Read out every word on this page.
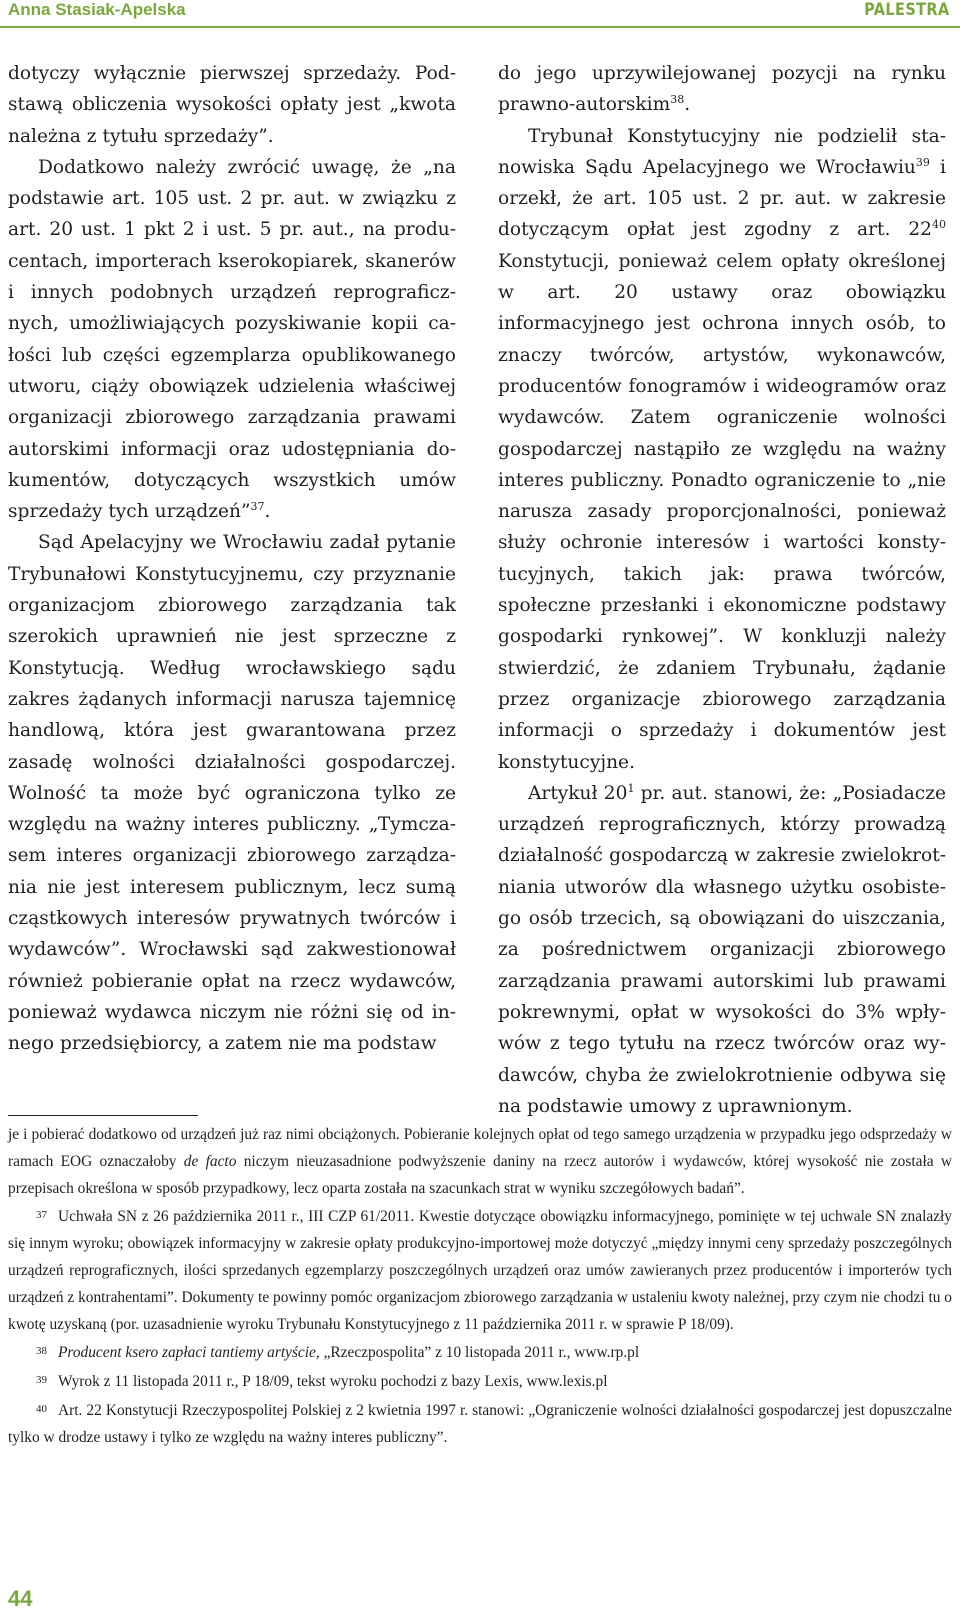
Anna Stasiak-Apelska	PALESTRA

dotyczy wyłącznie pierwszej sprzedaży. Podstawą obliczenia wysokości opłaty jest „kwota należna z tytułu sprzedaży”.

Dodatkowo należy zwrócić uwagę, że „na podstawie art. 105 ust. 2 pr. aut. w związku z art. 20 ust. 1 pkt 2 i ust. 5 pr. aut., na producentach, importerach kserokopiarek, skanerów i innych podobnych urządzeń reprograficznych, umożliwiających pozyskiwanie kopii całości lub części egzemplarza opublikowanego utworu, ciąży obowiązek udzielenia właściwej organizacji zbiorowego zarządzania prawami autorskimi informacji oraz udostępniania dokumentów, dotyczących wszystkich umów sprzedaży tych urządzeń”$^{37}$.

Sąd Apelacyjny we Wrocławiu zadał pytanie Trybunałowi Konstytucyjnemu, czy przyznanie organizacjom zbiorowego zarządzania tak szerokich uprawnień nie jest sprzeczne z Konstytucją. Według wrocławskiego sądu zakres żądanych informacji narusza tajemnicę handlową, która jest gwarantowana przez zasadę wolności działalności gospodarczej. Wolność ta może być ograniczona tylko ze względu na ważny interes publiczny. „Tymczasem interes organizacji zbiorowego zarządzania nie jest interesem publicznym, lecz sumą cząstkowych interesów prywatnych twórców i wydawców”. Wrocławski sąd zakwestionował również pobieranie opłat na rzecz wydawców, ponieważ wydawca niczym nie różni się od innego przedsiębiorcy, a zatem nie ma podstaw

do jego uprzywilejowanej pozycji na rynku prawno-autorskim$^{38}$.

Trybunał Konstytucyjny nie podzielił stanowiska Sądu Apelacyjnego we Wrocławiu$^{39}$ i orzekł, że art. 105 ust. 2 pr. aut. w zakresie dotyczącym opłat jest zgodny z art. $22^{40}$ Konstytucji, ponieważ celem opłaty określonej w art. 20 ustawy oraz obowiązku informacyjnego jest ochrona innych osób, to znaczy twórców, artystów, wykonawców, producentów fonogramów i wideogramów oraz wydawców. Zatem ograniczenie wolności gospodarczej nastąpiło ze względu na ważny interes publiczny. Ponadto ograniczenie to „nie narusza zasady proporcjonalności, ponieważ służy ochronie interesów i wartości konstytucyjnych, takich jak: prawa twórców, społeczne przesłanki i ekonomiczne podstawy gospodarki rynkowej”. W konkluzji należy stwierdzić, że zdaniem Trybunału, żądanie przez organizacje zbiorowego zarządzania informacji o sprzedaży i dokumentów jest konstytucyjne.

Artykuł $20^1$ pr. aut. stanowi, że: „Posiadacze urządzeń reprograficznych, którzy prowadzą działalność gospodarczą w zakresie zwielokrotniania utworów dla własnego użytku osobistego osób trzecich, są obowiązani do uiszczania, za pośrednictwem organizacji zbiorowego zarządzania prawami autorskimi lub prawami pokrewnymi, opłat w wysokości do 3% wpływów z tego tytułu na rzecz twórców oraz wydawców, chyba że zwielokrotnienie odbywa się na podstawie umowy z uprawnionym.

je i pobierać dodatkowo od urządzeń już raz nimi obciążonych. Pobieranie kolejnych opłat od tego samego urządzenia w przypadku jego odsprzedaży w ramach EOG oznaczałoby de facto niczym nieuzasadnione podwyższenie daniny na rzecz autorów i wydawców, której wysokość nie została w przepisach określona w sposób przypadkowy, lecz oparta została na szacunkach strat w wyniku szczegółowych badań”.

37 Uchwała SN z 26 października 2011 r., III CZP 61/2011. Kwestie dotyczące obowiązku informacyjnego, pominięte w tej uchwale SN znalazły się innym wyroku; obowiązek informacyjny w zakresie opłaty produkcyjno-importowej może dotyczyć „między innymi ceny sprzedaży poszczególnych urządzeń reprograficznych, ilości sprzedanych egzemplarzy poszczególnych urządzeń oraz umów zawieranych przez producentów i importerów tych urządzeń z kontrahentami”. Dokumenty te powinny pomóc organizacjom zbiorowego zarządzania w ustaleniu kwoty należnej, przy czym nie chodzi tu o kwotę uzyskaną (por. uzasadnienie wyroku Trybunału Konstytucyjnego z 11 października 2011 r. w sprawie P 18/09).

38 Producent ksero zapłaci tantiemy artyście, „Rzeczpospolita” z 10 listopada 2011 r., www.rp.pl

39 Wyrok z 11 listopada 2011 r., P 18/09, tekst wyroku pochodzi z bazy Lexis, www.lexis.pl

40 Art. 22 Konstytucji Rzeczypospolitej Polskiej z 2 kwietnia 1997 r. stanowi: „Ograniczenie wolności działalności gospodarczej jest dopuszczalne tylko w drodze ustawy i tylko ze względu na ważny interes publiczny”.

44
